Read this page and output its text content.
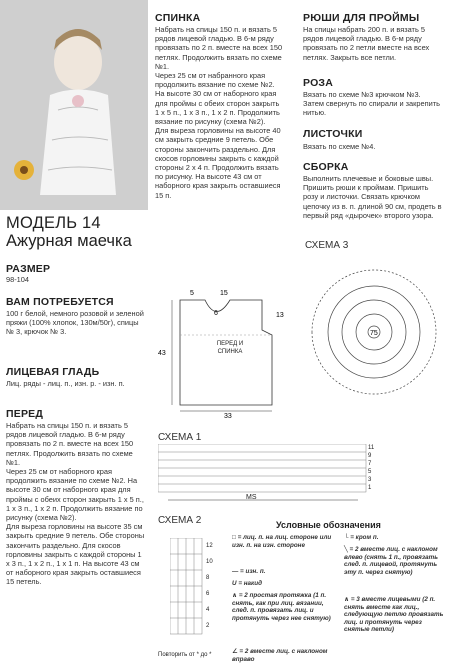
МОДЕЛЬ 14
Ажурная маечка
РАЗМЕР
98-104
ВАМ ПОТРЕБУЕТСЯ
100 г белой, немного розовой и зеленой пряжи (100% хлопок, 130м/50г), спицы № 3, крючок № 3.
ЛИЦЕВАЯ ГЛАДЬ
Лиц. ряды - лиц. п., изн. р. - изн. п.
ПЕРЕД
Набрать на спицы 150 п. и вязать 5 рядов лицевой гладью. В 6-м ряду провязать по 2 п. вместе на всех 150 петлях. Продолжить вязать по схеме №1.
Через 25 см от наборного края продолжить вязание по схеме №2. На высоте 30 см от наборного края для проймы с обеих сторон закрыть 1 х 5 п., 1 х 3 п., 1 х 2 п. Продолжить вязание по рисунку (схема №2).
Для выреза горловины на высоте 35 см закрыть средние 9 петель. Обе стороны закончить раздельно. Для скосов горловины закрыть с каждой стороны 1 х 3 п., 1 х 2 п., 1 х 1 п. На высоте 43 см от наборного края закрыть оставшиеся 15 петель.
СПИНКА
Набрать на спицы 150 п. и вязать 5 рядов лицевой гладью. В 6-м ряду провязать по 2 п. вместе на всех 150 петлях. Продолжить вязать по схеме №1.
Через 25 см от набранного края продолжить вязание по схеме №2.
На высоте 30 см от наборного края для проймы с обеих сторон закрыть 1 х 5 п., 1 х 3 п., 1 х 2 п. Продолжить вязание по рисунку (схема №2).
Для выреза горловины на высоте 40 см закрыть средние 9 петель. Обе стороны закончить раздельно. Для скосов горловины закрыть с каждой стороны 2 х 4 п. Продолжить вязать по рисунку. На высоте 43 см от наборного края закрыть оставшиеся 15 п.
РЮШИ ДЛЯ ПРОЙМЫ
На спицы набрать 200 п. и вязать 5 рядов лицевой гладью. В 6-м ряду провязать по 2 петли вместе на всех петлях. Закрыть все петли.
РОЗА
Вязать по схеме №3 крючком №3. Затем свернуть по спирали и закрепить нитью.
ЛИСТОЧКИ
Вязать по схеме №4.
СБОРКА
Выполнить плечевые и боковые швы. Пришить рюши к проймам. Пришить розу и листочки. Связать крючком цепочку из в. п. длиной 90 см, продеть в первый ряд «дырочек» второго узора.
5	15
6	13
43
33
ПЕРЕД И СПИНКА
СХЕМА 3
75
СХЕМА 1
MS
11
9
7
5
3
1
СХЕМА 2
12
10
8
6
4
2
Повторить от * до *
Условные обозначения
□ = лиц. п. на лиц. стороне или изн. п. на изн. стороне
— = изн. п.
U = накид
∧ = 2 простая протяжка (1 п. снять, как при лиц. вязании, след. п. провязать лиц. и протянуть через нее снятую)
∠ = 2 вместе лиц. с наклоном вправо
└ = кром п.
╲ = 2 вместе лиц. с наклоном влево (снять 1 п., провязать след. п. лицевой, протянуть эту п. через снятую)
∧ = 3 вместе лицевыми (2 п. снять вместе как лиц., следующую петлю провязать лиц. и протянуть через снятые петли)
